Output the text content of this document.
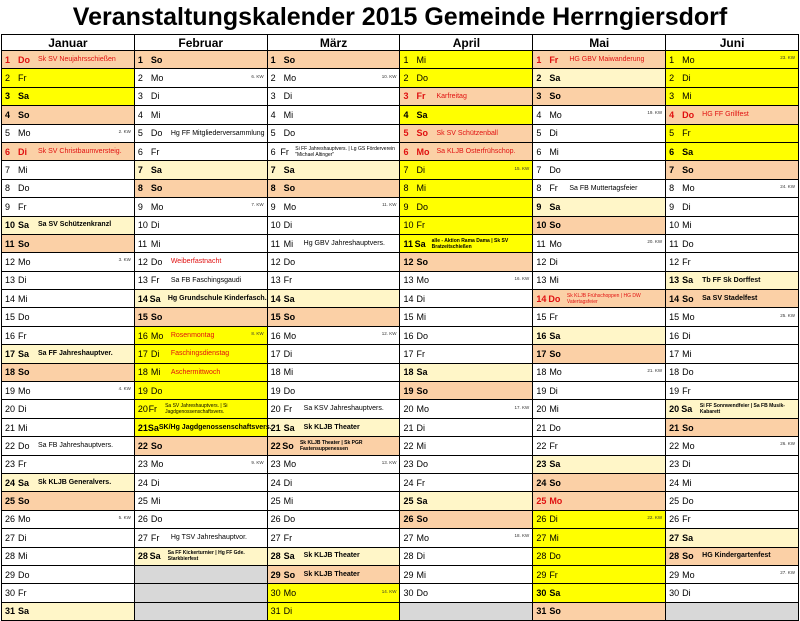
Veranstaltungskalender 2015 Gemeinde Herrngiersdorf
Januar	Februar	März	April	Mai	Juni

1 Do Sk SV Neujahrsschießen	1 So	1 So	1 Mi	1 Fr HG GBV Maiwanderung	1 Mo 23. KW

2 Fr	2 Mo 6. KW	2 Mo 10. KW	2 Do	2 Sa	2 Di

3 Sa	3 Di	3 Di	3 Fr Karfreitag	3 So	3 Mi

4 So	4 Mi	4 Mi	4 Sa	4 Mo 19. KW	4 Do HG FF Grillfest

5 Mo 2. KW	5 Do Hg FF Mitgliederversammlung	5 Do	5 So Sk SV Schützenball	5 Di	5 Fr

6 Di Sk SV Christbaumversteig.	6 Fr	6 Fr Si FF Jahreshauptvers. | Lg GS Förderverein "Michael Altinger"	6 Mo Sa KLJB Osterfrühschop.	6 Mi	6 Sa

7 Mi	7 Sa	7 Sa	7 Di 15. KW	7 Do	7 So

8 Do	8 So	8 So	8 Mi	8 Fr Sa FB Muttertagsfeier	8 Mo 24. KW

9 Fr	9 Mo 7. KW	9 Mo 11. KW	9 Do	9 Sa	9 Di

10 Sa Sa SV Schützenkranzl	10 Di	10 Di	10 Fr	10 So	10 Mi

11 So	11 Mi	11 Mi Hg GBV Jahreshauptvers.	11 Sa alle - Aktion Rama Dama | Sk SV Bratzeitschießen	11 Mo 20. KW	11 Do

12 Mo 3. KW	12 Do Weiberfastnacht	12 Do	12 So	12 Di	12 Fr

13 Di	13 Fr Sa FB Faschingsgaudi	13 Fr	13 Mo 16. KW	13 Mi	13 Sa Tb FF Sk Dorffest

14 Mi	14 Sa Hg Grundschule Kinderfasch.	14 Sa	14 Di	14 Do Sk KLJB Frühschoppen | HG DW Vatertagsfeier	14 So Sa SV Stadelfest

15 Do	15 So	15 So	15 Mi	15 Fr	15 Mo 25. KW

16 Fr	16 Mo Rosenmontag 8. KW	16 Mo 12. KW	16 Do	16 Sa	16 Di

17 Sa Sa FF Jahreshauptver.	17 Di Faschingsdienstag	17 Di	17 Fr	17 So	17 Mi

18 So	18 Mi Aschermittwoch	18 Mi	18 Sa	18 Mo 21. KW	18 Do

19 Mo 4. KW	19 Do	19 Do	19 So	19 Di	19 Fr

20 Di	20 Fr Sa SV Jahreshauptvers. | Si Jagdgenossenschaftsvers.	20 Fr Sa KSV Jahreshauptvers.	20 Mo 17. KW	20 Mi	20 Sa Si FF Sonnwendfeier | Sa FB Musik-Kabarett

21 Mi	21 Sa SK/Hg Jagdgenossenschaftsvers.	21 Sa Sk KLJB Theater	21 Di	21 Do	21 So

22 Do Sa FB Jahreshauptvers.	22 So	22 So Sk KLJB Theater | Sk PGR Fastensuppenessen	22 Mi	22 Fr	22 Mo 26. KW

23 Fr	23 Mo 9. KW	23 Mo 13. KW	23 Do	23 Sa	23 Di

24 Sa Sk KLJB Generalvers.	24 Di	24 Di	24 Fr	24 So	24 Mi

25 So	25 Mi	25 Mi	25 Sa	25 Mo	25 Do

26 Mo 5. KW	26 Do	26 Do	26 So	26 Di 22. KW	26 Fr

27 Di	27 Fr Hg TSV Jahreshauptvor.	27 Fr	27 Mo 18. KW	27 Mi	27 Sa

28 Mi	28 Sa Sa FF Kickerturnier | Hg FF Gde. Starkbierfest	28 Sa Sk KLJB Theater	28 Di	28 Do	28 So HG Kindergartenfest

29 Do		29 So Sk KLJB Theater	29 Mi	29 Fr	29 Mo 27. KW

30 Fr		30 Mo 14. KW	30 Do	30 Sa	30 Di

31 Sa		31 Di		31 So	
